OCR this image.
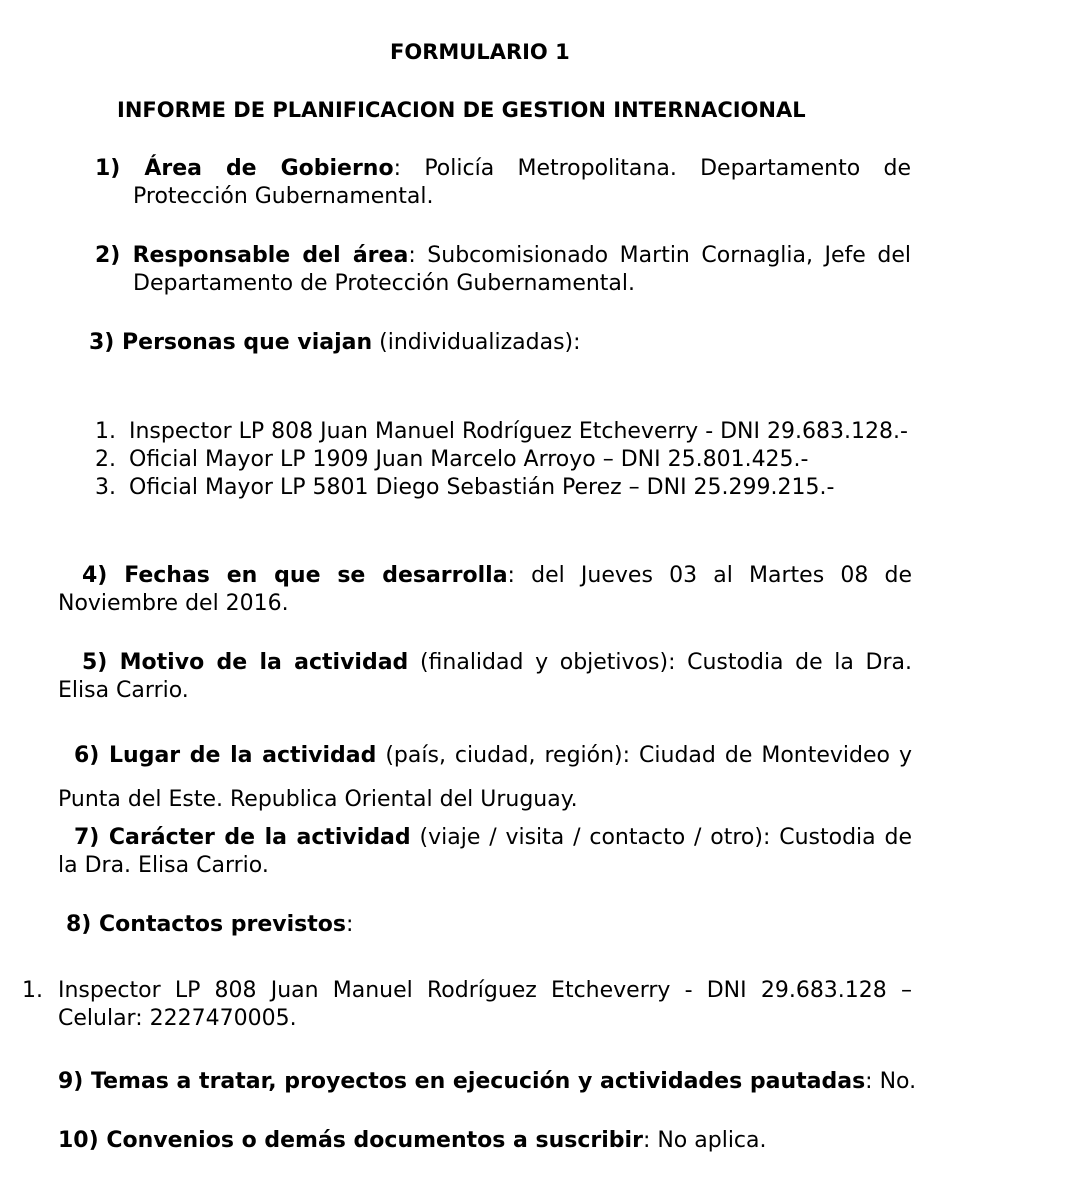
FORMULARIO 1
INFORME DE PLANIFICACION DE GESTION INTERNACIONAL

1) Área de Gobierno: Policía Metropolitana. Departamento de Protección Gubernamental.

2) Responsable del área: Subcomisionado Martin Cornaglia, Jefe del Departamento de Protección Gubernamental.

3) Personas que viajan (individualizadas):

1. Inspector LP 808 Juan Manuel Rodríguez Etcheverry - DNI 29.683.128.-
2. Oficial Mayor LP 1909 Juan Marcelo Arroyo – DNI 25.801.425.-
3. Oficial Mayor LP 5801 Diego Sebastián Perez – DNI 25.299.215.-

4) Fechas en que se desarrolla: del Jueves 03 al Martes 08 de Noviembre del 2016.

5) Motivo de la actividad (finalidad y objetivos): Custodia de la Dra. Elisa Carrio.

6) Lugar de la actividad (país, ciudad, región): Ciudad de Montevideo y Punta del Este. Republica Oriental del Uruguay.

7) Carácter de la actividad (viaje / visita / contacto / otro): Custodia de la Dra. Elisa Carrio.

8) Contactos previstos:

1. Inspector LP 808 Juan Manuel Rodríguez Etcheverry - DNI 29.683.128 – Celular: 2227470005.

9) Temas a tratar, proyectos en ejecución y actividades pautadas: No.

10) Convenios o demás documentos a suscribir: No aplica.
